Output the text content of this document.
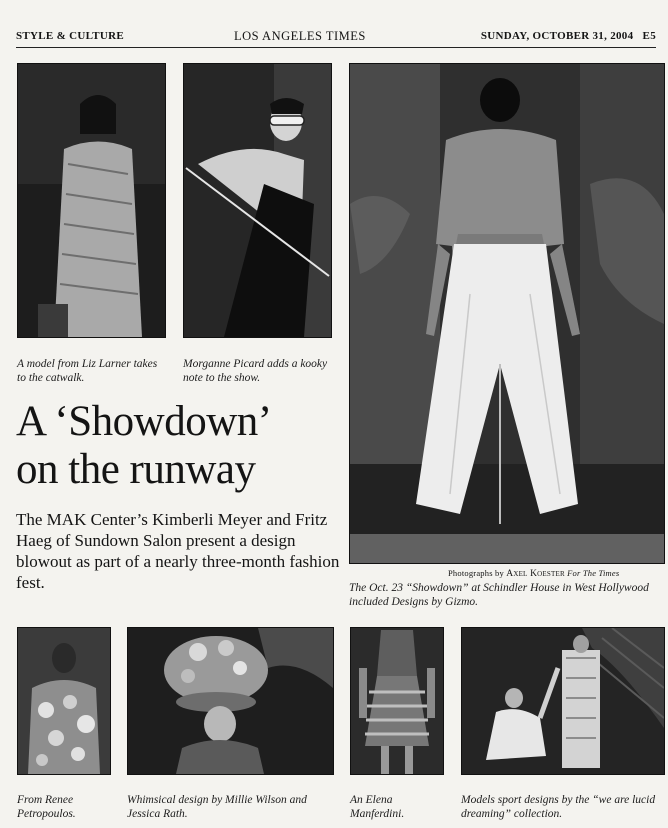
STYLE & CULTURE	LOS ANGELES TIMES	SUNDAY, OCTOBER 31, 2004   E5
A model from Liz Larner takes to the catwalk.
Morganne Picard adds a kooky note to the show.
A ‘Showdown’
on the runway
The MAK Center’s Kimberli Meyer and Fritz Haeg of Sundown Salon present a design blowout as part of a nearly three-month fashion fest.	Photographs by Axel Koester For The Times
The Oct. 23 “Showdown” at Schindler House in West Hollywood included Designs by Gizmo.
From Renee Petropoulos.
Whimsical design by Millie Wilson and Jessica Rath.
An Elena Manferdini.
Models sport designs by the “we are lucid dreaming” collection.
